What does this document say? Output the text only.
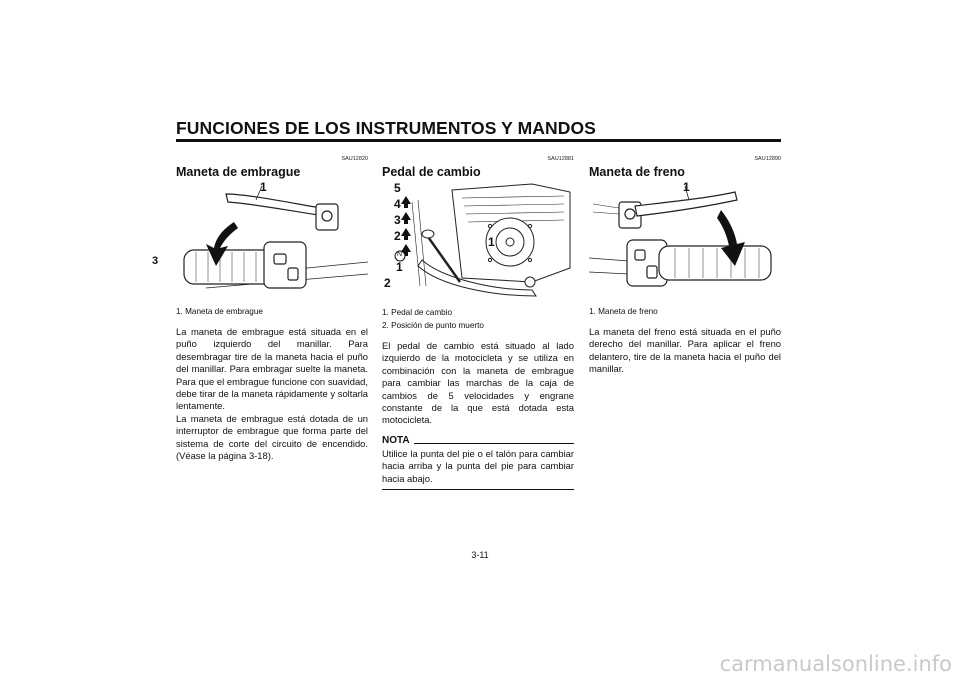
FUNCIONES DE LOS INSTRUMENTOS Y MANDOS
3
SAU12820
Maneta de embrague
1
1. Maneta de embrague
La maneta de embrague está situada en el puño izquierdo del manillar. Para desembragar tire de la maneta hacia el puño del manillar. Para embragar suelte la maneta. Para que el embrague funcione con suavidad, debe tirar de la maneta rápidamente y soltarla lentamente.
La maneta de embrague está dotada de un interruptor de embrague que forma parte del sistema de corte del circuito de encendido. (Véase la página 3-18).
SAU12881
Pedal de cambio
5
4
3
2
N
1
1
2
1. Pedal de cambio
2. Posición de punto muerto
El pedal de cambio está situado al lado izquierdo de la motocicleta y se utiliza en combinación con la maneta de embrague para cambiar las marchas de la caja de cambios de 5 velocidades y engrane constante de la que está dotada esta motocicleta.
NOTA
Utilice la punta del pie o el talón para cambiar hacia arriba y la punta del pie para cambiar hacia abajo.
SAU12890
Maneta de freno
1
1. Maneta de freno
La maneta del freno está situada en el puño derecho del manillar. Para aplicar el freno delantero, tire de la maneta hacia el puño del manillar.
3-11
carmanualsonline.info
